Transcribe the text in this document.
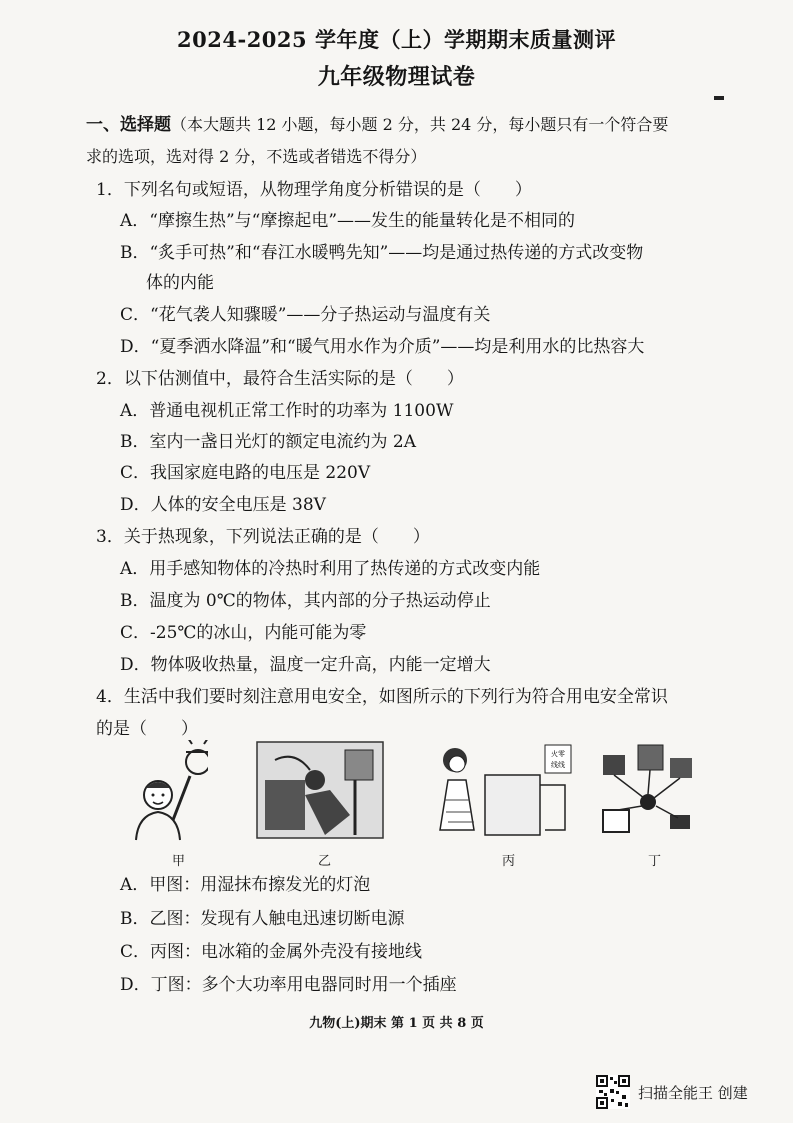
2024-2025 学年度（上）学期期末质量测评
九年级物理试卷
一、选择题（本大题共 12 小题，每小题 2 分，共 24 分，每小题只有一个符合要
求的选项，选对得 2 分，不选或者错选不得分）
1．下列名句或短语，从物理学角度分析错误的是（　　）
A．“摩擦生热”与“摩擦起电”——发生的能量转化是不相同的
B．“炙手可热”和“春江水暖鸭先知”——均是通过热传递的方式改变物
体的内能
C．“花气袭人知骤暖”——分子热运动与温度有关
D．“夏季洒水降温”和“暖气用水作为介质”——均是利用水的比热容大
2．以下估测值中，最符合生活实际的是（　　）
A．普通电视机正常工作时的功率为 1100W
B．室内一盏日光灯的额定电流约为 2A
C．我国家庭电路的电压是 220V
D．人体的安全电压是 38V
3．关于热现象，下列说法正确的是（　　）
A．用手感知物体的冷热时利用了热传递的方式改变内能
B．温度为 0℃的物体，其内部的分子热运动停止
C．-25℃的冰山，内能可能为零
D．物体吸收热量，温度一定升高，内能一定增大
4．生活中我们要时刻注意用电安全，如图所示的下列行为符合用电安全常识
的是（　　）
火零
线线
甲	乙	丙	丁
A．甲图：用湿抹布擦发光的灯泡
B．乙图：发现有人触电迅速切断电源
C．丙图：电冰箱的金属外壳没有接地线
D．丁图：多个大功率用电器同时用一个插座
九物(上)期末 第 1 页 共 8 页
扫描全能王 创建
